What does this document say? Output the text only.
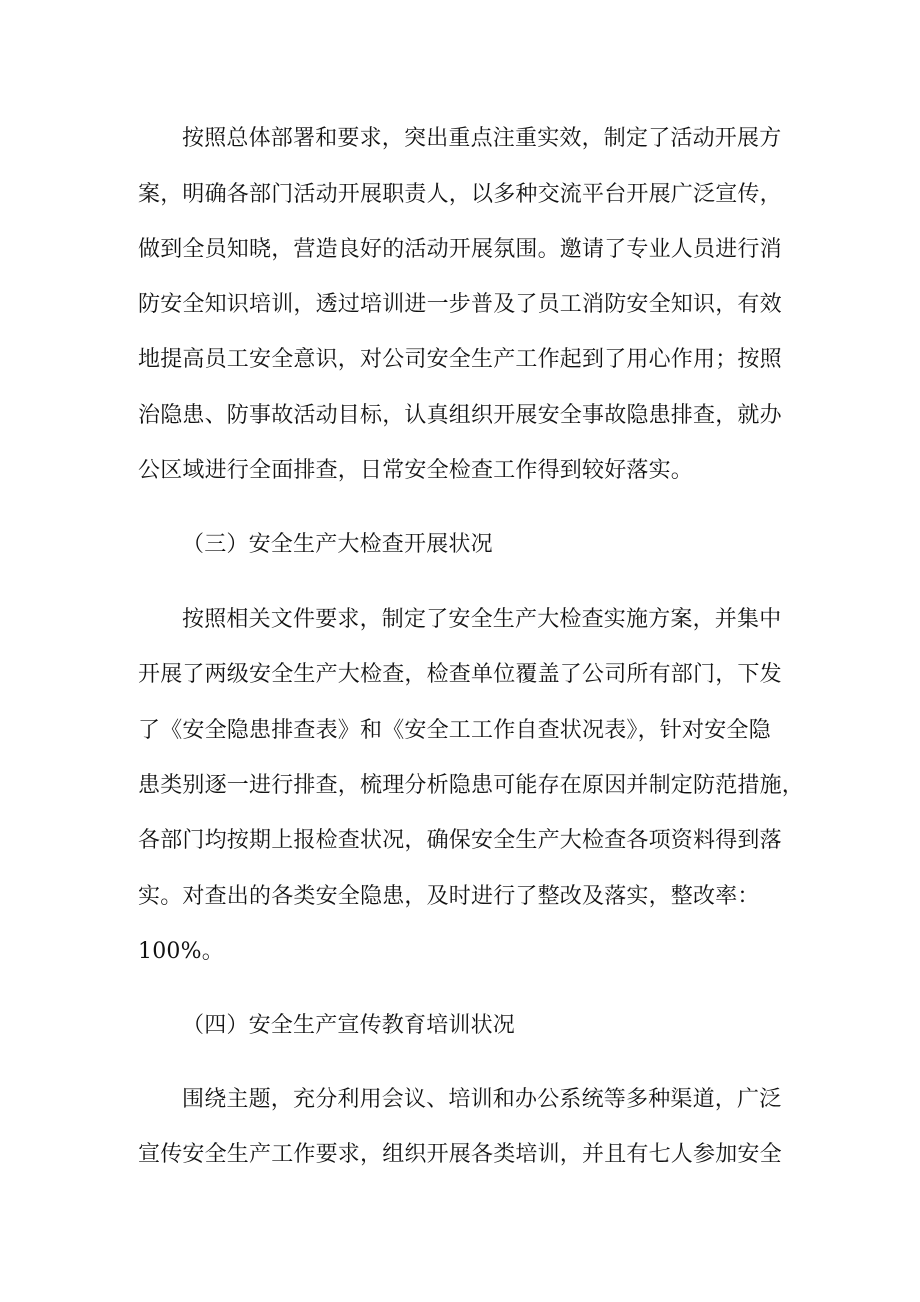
按照总体部署和要求，突出重点注重实效，制定了活动开展方
案，明确各部门活动开展职责人，以多种交流平台开展广泛宣传，
做到全员知晓，营造良好的活动开展氛围。邀请了专业人员进行消
防安全知识培训，透过培训进一步普及了员工消防安全知识，有效
地提高员工安全意识，对公司安全生产工作起到了用心作用；按照
治隐患、防事故活动目标，认真组织开展安全事故隐患排查，就办
公区域进行全面排查，日常安全检查工作得到较好落实。
（三）安全生产大检查开展状况
按照相关文件要求，制定了安全生产大检查实施方案，并集中
开展了两级安全生产大检查，检查单位覆盖了公司所有部门，下发
了《安全隐患排查表》和《安全工工作自查状况表》，针对安全隐
患类别逐一进行排查，梳理分析隐患可能存在原因并制定防范措施，
各部门均按期上报检查状况，确保安全生产大检查各项资料得到落
实。对查出的各类安全隐患，及时进行了整改及落实，整改率：
100%。
（四）安全生产宣传教育培训状况
围绕主题，充分利用会议、培训和办公系统等多种渠道，广泛
宣传安全生产工作要求，组织开展各类培训，并且有七人参加安全
